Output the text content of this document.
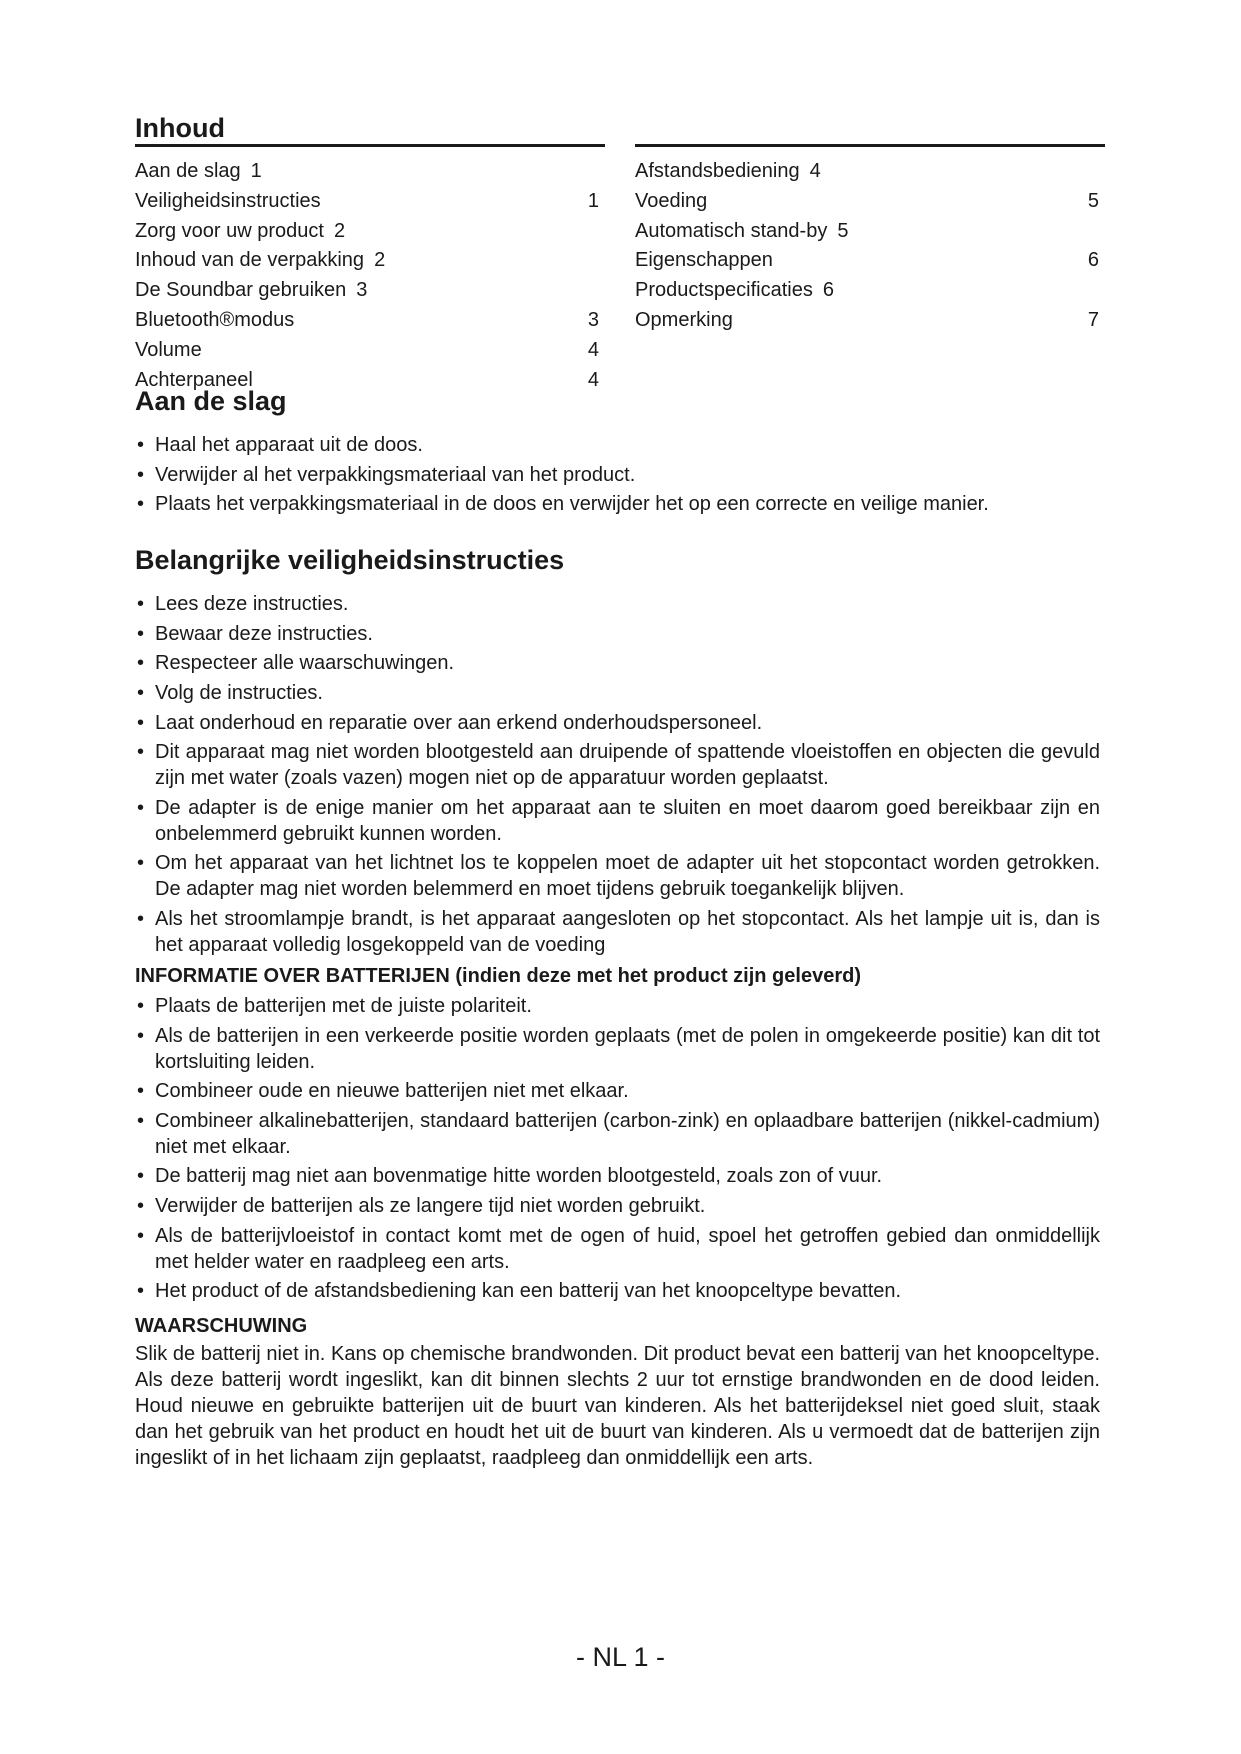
Inhoud
Aan de slag 1
Veiligheidsinstructies	1
Zorg voor uw product 2
Inhoud van de verpakking 2
De Soundbar gebruiken 3
Bluetooth®modus	3
Volume	4
Achterpaneel	4
Afstandsbediening 4
Voeding	5
Automatisch stand-by 5
Eigenschappen	6
Productspecificaties 6
Opmerking	7
Aan de slag
• Haal het apparaat uit de doos.
• Verwijder al het verpakkingsmateriaal van het product.
• Plaats het verpakkingsmateriaal in de doos en verwijder het op een correcte en veilige manier.
Belangrijke veiligheidsinstructies
• Lees deze instructies.
• Bewaar deze instructies.
• Respecteer alle waarschuwingen.
• Volg de instructies.
• Laat onderhoud en reparatie over aan erkend onderhoudspersoneel.
• Dit apparaat mag niet worden blootgesteld aan druipende of spattende vloeistoffen en objecten die gevuld zijn met water (zoals vazen) mogen niet op de apparatuur worden geplaatst.
• De adapter is de enige manier om het apparaat aan te sluiten en moet daarom goed bereikbaar zijn en onbelemmerd gebruikt kunnen worden.
• Om het apparaat van het lichtnet los te koppelen moet de adapter uit het stopcontact worden getrokken. De adapter mag niet worden belemmerd en moet tijdens gebruik toegankelijk blijven.
• Als het stroomlampje brandt, is het apparaat aangesloten op het stopcontact. Als het lampje uit is, dan is het apparaat volledig losgekoppeld van de voeding
INFORMATIE OVER BATTERIJEN (indien deze met het product zijn geleverd)
• Plaats de batterijen met de juiste polariteit.
• Als de batterijen in een verkeerde positie worden geplaats (met de polen in omgekeerde positie) kan dit tot kortsluiting leiden.
• Combineer oude en nieuwe batterijen niet met elkaar.
• Combineer alkalinebatterijen, standaard batterijen (carbon-zink) en oplaadbare batterijen (nikkel-cadmium) niet met elkaar.
• De batterij mag niet aan bovenmatige hitte worden blootgesteld, zoals zon of vuur.
• Verwijder de batterijen als ze langere tijd niet worden gebruikt.
• Als de batterijvloeistof in contact komt met de ogen of huid, spoel het getroffen gebied dan onmiddellijk met helder water en raadpleeg een arts.
• Het product of de afstandsbediening kan een batterij van het knoopceltype bevatten.
WAARSCHUWING

Slik de batterij niet in. Kans op chemische brandwonden. Dit product bevat een batterij van het knoopceltype. Als deze batterij wordt ingeslikt, kan dit binnen slechts 2 uur tot ernstige brandwonden en de dood leiden. Houd nieuwe en gebruikte batterijen uit de buurt van kinderen. Als het batterijdeksel niet goed sluit, staak dan het gebruik van het product en houdt het uit de buurt van kinderen. Als u vermoedt dat de batterijen zijn ingeslikt of in het lichaam zijn geplaatst, raadpleeg dan onmiddellijk een arts.

- NL 1 -
